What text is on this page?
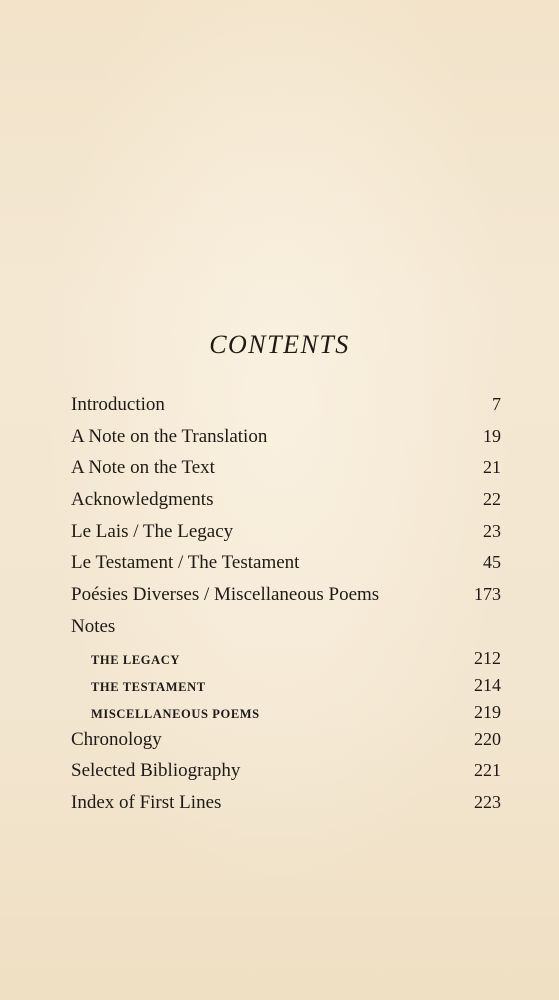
CONTENTS
Introduction	7
A Note on the Translation	19
A Note on the Text	21
Acknowledgments	22
Le Lais / The Legacy	23
Le Testament / The Testament	45
Poésies Diverses / Miscellaneous Poems	173
Notes
THE LEGACY	212
THE TESTAMENT	214
MISCELLANEOUS POEMS	219
Chronology	220
Selected Bibliography	221
Index of First Lines	223
